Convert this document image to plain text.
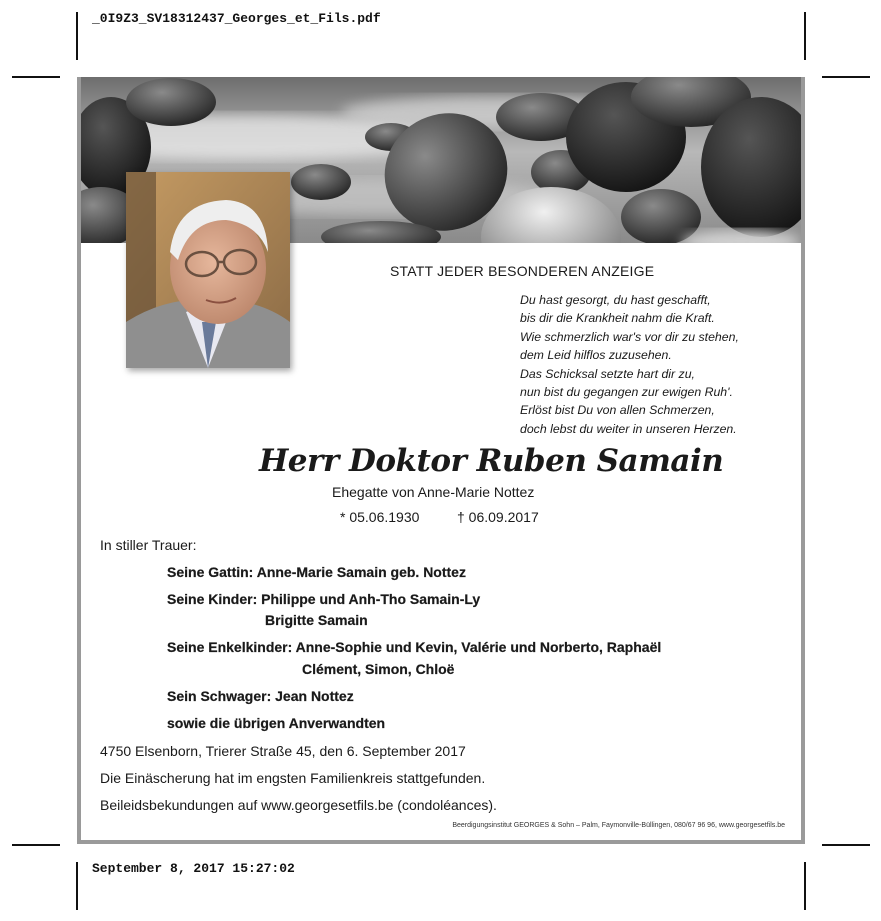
_0I9Z3_SV18312437_Georges_et_Fils.pdf
STATT JEDER BESONDEREN ANZEIGE
Du hast gesorgt, du hast geschafft,
bis dir die Krankheit nahm die Kraft.
Wie schmerzlich war's vor dir zu stehen,
dem Leid hilflos zuzusehen.
Das Schicksal setzte hart dir zu,
nun bist du gegangen zur ewigen Ruh'.
Erlöst bist Du von allen Schmerzen,
doch lebst du weiter in unseren Herzen.
Herr Doktor Ruben Samain
Ehegatte von Anne-Marie Nottez
* 05.06.1930	† 06.09.2017
In stiller Trauer:
Seine Gattin: Anne-Marie Samain geb. Nottez
Seine Kinder: Philippe und Anh-Tho Samain-Ly
Brigitte Samain
Seine Enkelkinder: Anne-Sophie und Kevin, Valérie und Norberto, Raphaël
Clément, Simon, Chloë
Sein Schwager: Jean Nottez
sowie die übrigen Anverwandten
4750 Elsenborn, Trierer Straße 45, den 6. September 2017
Die Einäscherung hat im engsten Familienkreis stattgefunden.
Beileidsbekundungen auf www.georgesetfils.be (condoléances).
Beerdigungsinstitut GEORGES & Sohn – Palm, Faymonville-Büllingen, 080/67 96 96, www.georgesetfils.be
September 8, 2017 15:27:02
